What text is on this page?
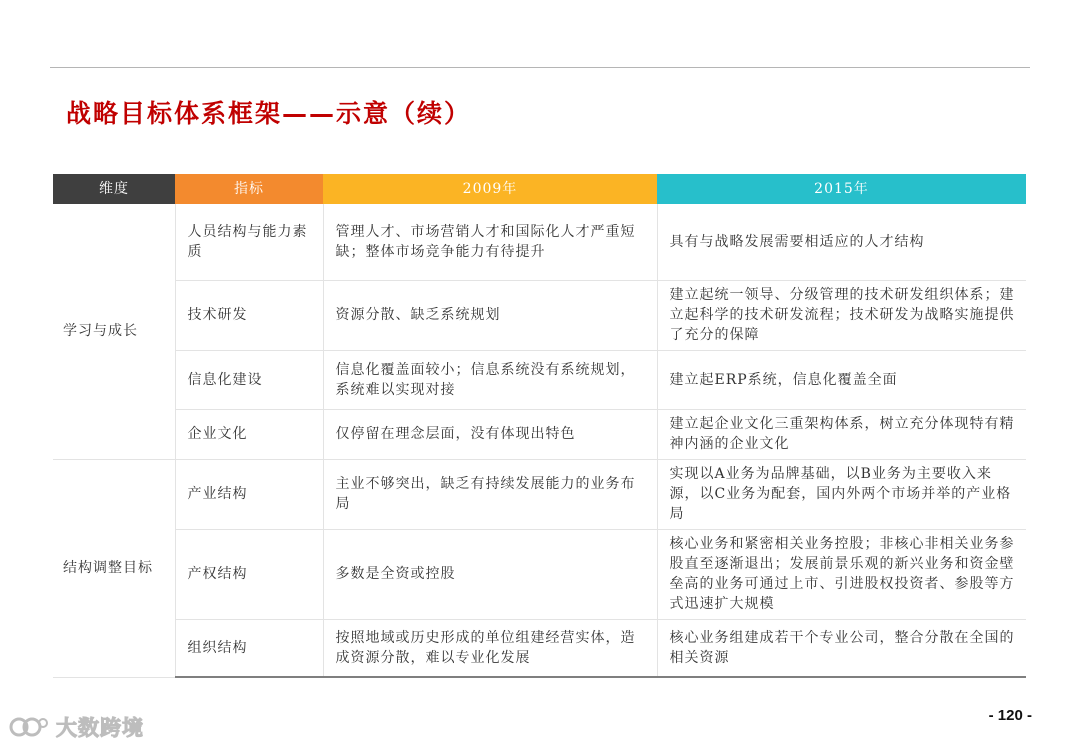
战略目标体系框架——示意（续）
维度	指标	2009年	2015年
学习与成长	人员结构与能力素质	管理人才、市场营销人才和国际化人才严重短缺；整体市场竞争能力有待提升	具有与战略发展需要相适应的人才结构
	技术研发	资源分散、缺乏系统规划	建立起统一领导、分级管理的技术研发组织体系；建立起科学的技术研发流程；技术研发为战略实施提供了充分的保障
	信息化建设	信息化覆盖面较小；信息系统没有系统规划，系统难以实现对接	建立起ERP系统，信息化覆盖全面
	企业文化	仅停留在理念层面，没有体现出特色	建立起企业文化三重架构体系，树立充分体现特有精神内涵的企业文化
结构调整目标	产业结构	主业不够突出，缺乏有持续发展能力的业务布局	实现以A业务为品牌基础，以B业务为主要收入来源，以C业务为配套，国内外两个市场并举的产业格局
	产权结构	多数是全资或控股	核心业务和紧密相关业务控股；非核心非相关业务参股直至逐渐退出；发展前景乐观的新兴业务和资金壁垒高的业务可通过上市、引进股权投资者、参股等方式迅速扩大规模
	组织结构	按照地域或历史形成的单位组建经营实体，造成资源分散，难以专业化发展	核心业务组建成若干个专业公司，整合分散在全国的相关资源
大数跨境
- 120 -
